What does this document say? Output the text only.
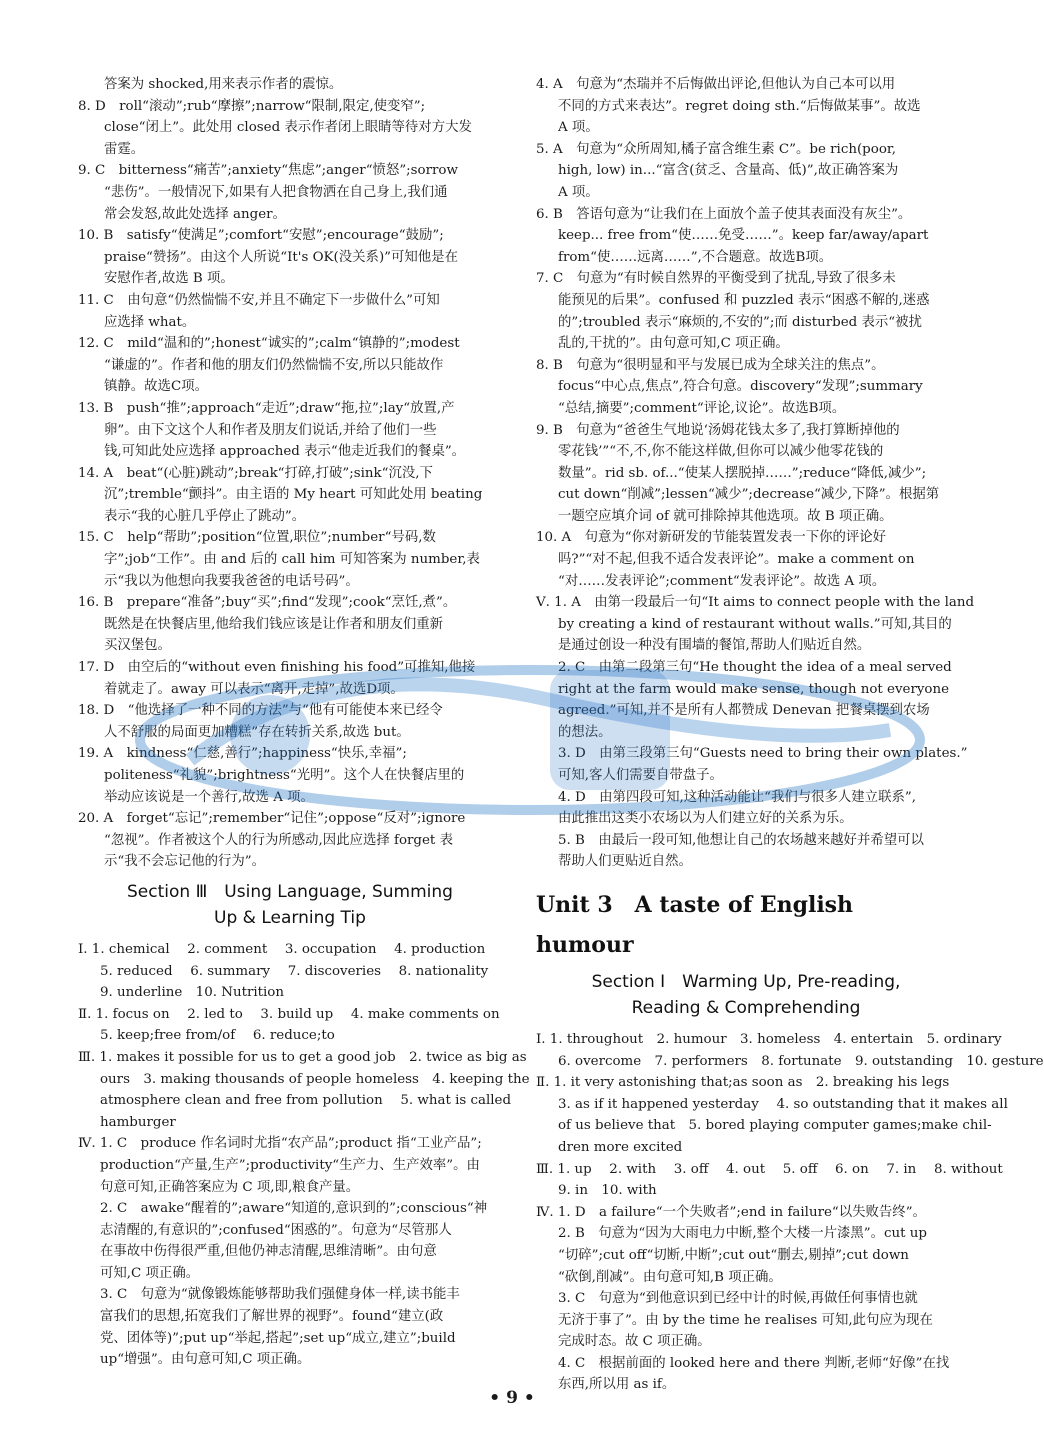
答案为 shocked,用来表示作者的震惊。
8. D　roll“滚动”;rub“摩擦”;narrow“限制,限定,使变窄”;
close“闭上”。此处用 closed 表示作者闭上眼睛等待对方大发
雷霆。
9. C　bitterness“痛苦”;anxiety“焦虑”;anger“愤怒”;sorrow
“悲伤”。一般情况下,如果有人把食物洒在自己身上,我们通
常会发怒,故此处选择 anger。
10. B　satisfy“使满足”;comfort“安慰”;encourage“鼓励”;
praise“赞扬”。由这个人所说“It's OK(没关系)”可知他是在
安慰作者,故选 B 项。
11. C　由句意“仍然惴惴不安,并且不确定下一步做什么”可知
应选择 what。
12. C　mild“温和的”;honest“诚实的”;calm“镇静的”;modest
“谦虚的”。作者和他的朋友们仍然惴惴不安,所以只能故作
镇静。故选C项。
13. B　push“推”;approach“走近”;draw“拖,拉”;lay“放置,产
卵”。由下文这个人和作者及朋友们说话,并给了他们一些
钱,可知此处应选择 approached 表示“他走近我们的餐桌”。
14. A　beat“(心脏)跳动”;break“打碎,打破”;sink“沉没,下
沉”;tremble“颤抖”。由主语的 My heart 可知此处用 beating
表示“我的心脏几乎停止了跳动”。
15. C　help“帮助”;position“位置,职位”;number“号码,数
字”;job“工作”。由 and 后的 call him 可知答案为 number,表
示“我以为他想向我要我爸爸的电话号码”。
16. B　prepare“准备”;buy“买”;find“发现”;cook“烹饪,煮”。
既然是在快餐店里,他给我们钱应该是让作者和朋友们重新
买汉堡包。
17. D　由空后的“without even finishing his food”可推知,他接
着就走了。away 可以表示“离开,走掉”,故选D项。
18. D　“他选择了一种不同的方法”与“他有可能使本来已经令
人不舒服的局面更加糟糕”存在转折关系,故选 but。
19. A　kindness“仁慈,善行”;happiness“快乐,幸福”;
politeness“礼貌”;brightness“光明”。这个人在快餐店里的
举动应该说是一个善行,故选 A 项。
20. A　forget“忘记”;remember“记住”;oppose“反对”;ignore
“忽视”。作者被这个人的行为所感动,因此应选择 forget 表
示“我不会忘记他的行为”。
Section Ⅲ　Using Language, Summing
Up & Learning Tip
Ⅰ. 1. chemical　 2. comment　 3. occupation　 4. production
5. reduced　 6. summary　 7. discoveries　 8. nationality
9. underline　10. Nutrition
Ⅱ. 1. focus on　 2. led to　 3. build up　 4. make comments on
5. keep;free from/of　 6. reduce;to
Ⅲ. 1. makes it possible for us to get a good job　2. twice as big as
ours　3. making thousands of people homeless　4. keeping the
atmosphere clean and free from pollution　 5. what is called
hamburger
Ⅳ. 1. C　produce 作名词时尤指“农产品”;product 指“工业产品”;
production“产量,生产”;productivity“生产力、生产效率”。由
句意可知,正确答案应为 C 项,即,粮食产量。
2. C　awake“醒着的”;aware“知道的,意识到的”;conscious“神
志清醒的,有意识的”;confused“困惑的”。句意为“尽管那人
在事故中伤得很严重,但他仍神志清醒,思维清晰”。由句意
可知,C 项正确。
3. C　句意为“就像锻炼能够帮助我们强健身体一样,读书能丰
富我们的思想,拓宽我们了解世界的视野”。found“建立(政
党、团体等)”;put up“举起,搭起”;set up“成立,建立”;build
up“增强”。由句意可知,C 项正确。
4. A　句意为“杰瑞并不后悔做出评论,但他认为自己本可以用
不同的方式来表达”。regret doing sth.“后悔做某事”。故选
A 项。
5. A　句意为“众所周知,橘子富含维生素 C”。be rich(poor,
high, low) in...“富含(贫乏、含量高、低)”,故正确答案为
A 项。
6. B　答语句意为“让我们在上面放个盖子使其表面没有灰尘”。
keep... free from“使……免受……”。keep far/away/apart
from“使……远离……”,不合题意。故选B项。
7. C　句意为“有时候自然界的平衡受到了扰乱,导致了很多未
能预见的后果”。confused 和 puzzled 表示“困惑不解的,迷惑
的”;troubled 表示“麻烦的,不安的”;而 disturbed 表示“被扰
乱的,干扰的”。由句意可知,C 项正确。
8. B　句意为“很明显和平与发展已成为全球关注的焦点”。
focus“中心点,焦点”,符合句意。discovery“发现”;summary
“总结,摘要”;comment“评论,议论”。故选B项。
9. B　句意为“爸爸生气地说‘汤姆花钱太多了,我打算断掉他的
零花钱’”“不,不,你不能这样做,但你可以减少他零花钱的
数量”。rid sb. of...“使某人摆脱掉……”;reduce“降低,减少”;
cut down“削减”;lessen“减少”;decrease“减少,下降”。根据第
一题空应填介词 of 就可排除掉其他选项。故 B 项正确。
10. A　句意为“你对新研发的节能装置发表一下你的评论好
吗?”“对不起,但我不适合发表评论”。make a comment on
“对……发表评论”;comment“发表评论”。故选 A 项。
Ⅴ. 1. A　由第一段最后一句“It aims to connect people with the land
by creating a kind of restaurant without walls.”可知,其目的
是通过创设一种没有围墙的餐馆,帮助人们贴近自然。
2. C　由第二段第三句“He thought the idea of a meal served
right at the farm would make sense, though not everyone
agreed.”可知,并不是所有人都赞成 Denevan 把餐桌摆到农场
的想法。
3. D　由第三段第三句“Guests need to bring their own plates.”
可知,客人们需要自带盘子。
4. D　由第四段可知,这种活动能让“我们与很多人建立联系”,
由此推出这类小农场以为人们建立好的关系为乐。
5. B　由最后一段可知,他想让自己的农场越来越好并希望可以
帮助人们更贴近自然。
Unit 3　A taste of English humour
Section Ⅰ　Warming Up, Pre-reading,
Reading & Comprehending
Ⅰ. 1. throughout　2. humour　3. homeless　4. entertain　5. ordinary
6. overcome　7. performers　8. fortunate　9. outstanding　10. gesture
Ⅱ. 1. it very astonishing that;as soon as　2. breaking his legs
3. as if it happened yesterday　 4. so outstanding that it makes all
of us believe that　5. bored playing computer games;make chil-
dren more excited
Ⅲ. 1. up　 2. with　 3. off　 4. out　 5. off　 6. on　 7. in　 8. without
9. in　10. with
Ⅳ. 1. D　a failure“一个失败者”;end in failure“以失败告终”。
2. B　句意为“因为大雨电力中断,整个大楼一片漆黑”。cut up
“切碎”;cut off“切断,中断”;cut out“删去,剔掉”;cut down
“砍倒,削减”。由句意可知,B 项正确。
3. C　句意为“到他意识到已经中计的时候,再做任何事情也就
无济于事了”。由 by the time he realises 可知,此句应为现在
完成时态。故 C 项正确。
4. C　根据前面的 looked here and there 判断,老师“好像”在找
东西,所以用 as if。
• 9 •
